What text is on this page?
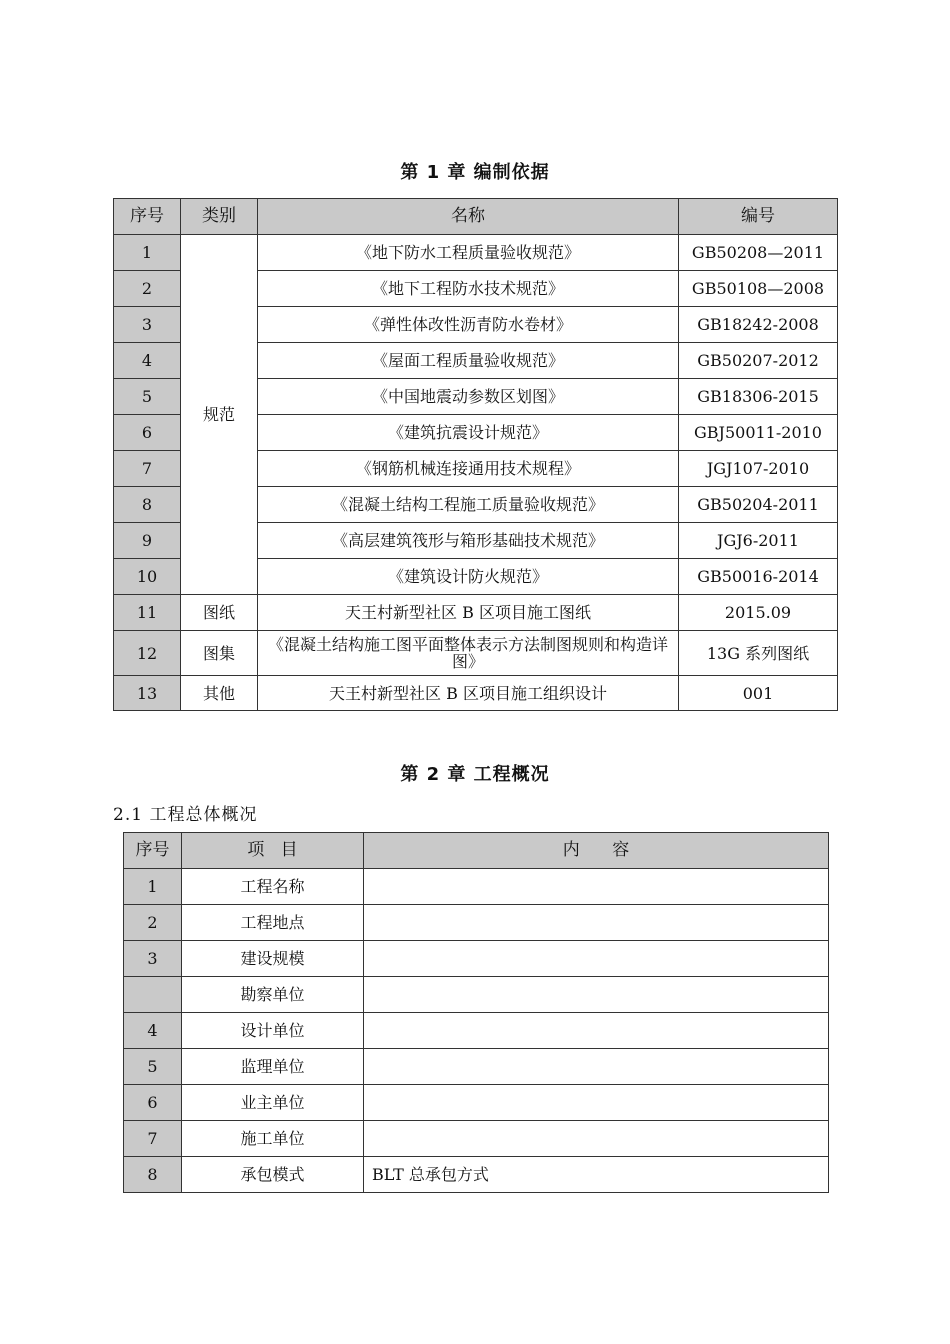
第 1 章 编制依据
序号	类别	名称	编号
1	规范	《地下防水工程质量验收规范》	GB50208—2011
2		《地下工程防水技术规范》	GB50108—2008
3		《弹性体改性沥青防水卷材》	GB18242-2008
4		《屋面工程质量验收规范》	GB50207-2012
5		《中国地震动参数区划图》	GB18306-2015
6		《建筑抗震设计规范》	GBJ50011-2010
7		《钢筋机械连接通用技术规程》	JGJ107-2010
8		《混凝土结构工程施工质量验收规范》	GB50204-2011
9		《高层建筑筏形与箱形基础技术规范》	JGJ6-2011
10		《建筑设计防火规范》	GB50016-2014
11	图纸	天王村新型社区 B 区项目施工图纸	2015.09
12	图集	《混凝土结构施工图平面整体表示方法制图规则和构造详图》	13G 系列图纸
13	其他	天王村新型社区 B 区项目施工组织设计	001
第 2 章 工程概况
2.1 工程总体概况
序号	项   目	内      容
1	工程名称	
2	工程地点	
3	建设规模	
	勘察单位	
4	设计单位	
5	监理单位	
6	业主单位	
7	施工单位	
8	承包模式	BLT 总承包方式
